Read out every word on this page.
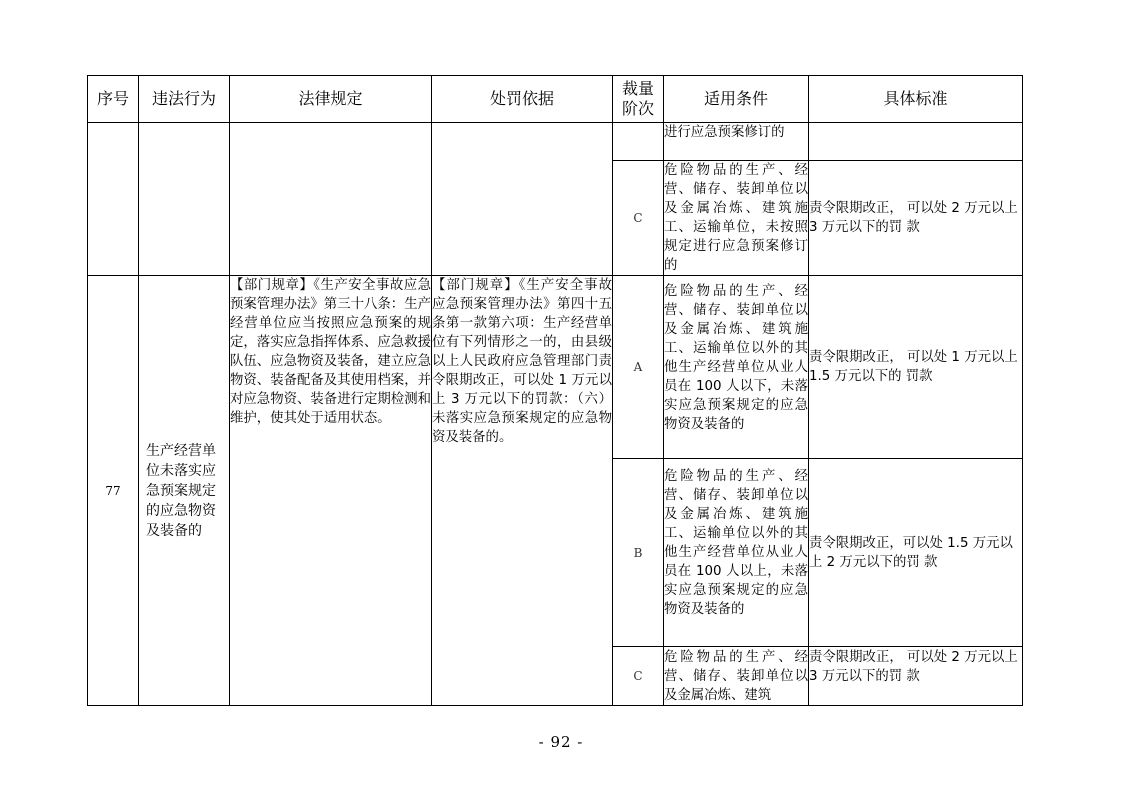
序号	违法行为	法律规定	处罚依据	裁量阶次	适用条件	具体标准
					进行应急预案修订的	
				C	危险物品的生产、经营、储存、装卸单位以及金属冶炼、建筑施工、运输单位，未按照规定进行应急预案修订的	责令限期改正， 可以处 2 万元以上 3 万元以下的罚 款
77	生产经营单位未落实应急预案规定的应急物资及装备的	【部门规章】《生产安全事故应急预案管理办法》第三十八条：生产经营单位应当按照应急预案的规定，落实应急指挥体系、应急救援队伍、应急物资及装备，建立应急物资、装备配备及其使用档案，并对应急物资、装备进行定期检测和维护，使其处于适用状态。	【部门规章】《生产安全事故应急预案管理办法》第四十五条第一款第六项：生产经营单位有下列情形之一的，由县级以上人民政府应急管理部门责令限期改正，可以处 1 万元以上 3 万元以下的罚款：（六）未落实应急预案规定的应急物资及装备的。	A	危险物品的生产、经营、储存、装卸单位以及金属冶炼、建筑施工、运输单位以外的其他生产经营单位从业人员在 100 人以下，未落实应急预案规定的应急物资及装备的	责令限期改正， 可以处 1 万元以上 1.5 万元以下的 罚款
				B	危险物品的生产、经营、储存、装卸单位以及金属冶炼、建筑施工、运输单位以外的其他生产经营单位从业人员在 100 人以上，未落实应急预案规定的应急物资及装备的	责令限期改正，可以处 1.5 万元以上 2 万元以下的罚 款
				C	危险物品的生产、经营、储存、装卸单位以及金属冶炼、建筑	责令限期改正， 可以处 2 万元以上 3 万元以下的罚 款
- 92 -
